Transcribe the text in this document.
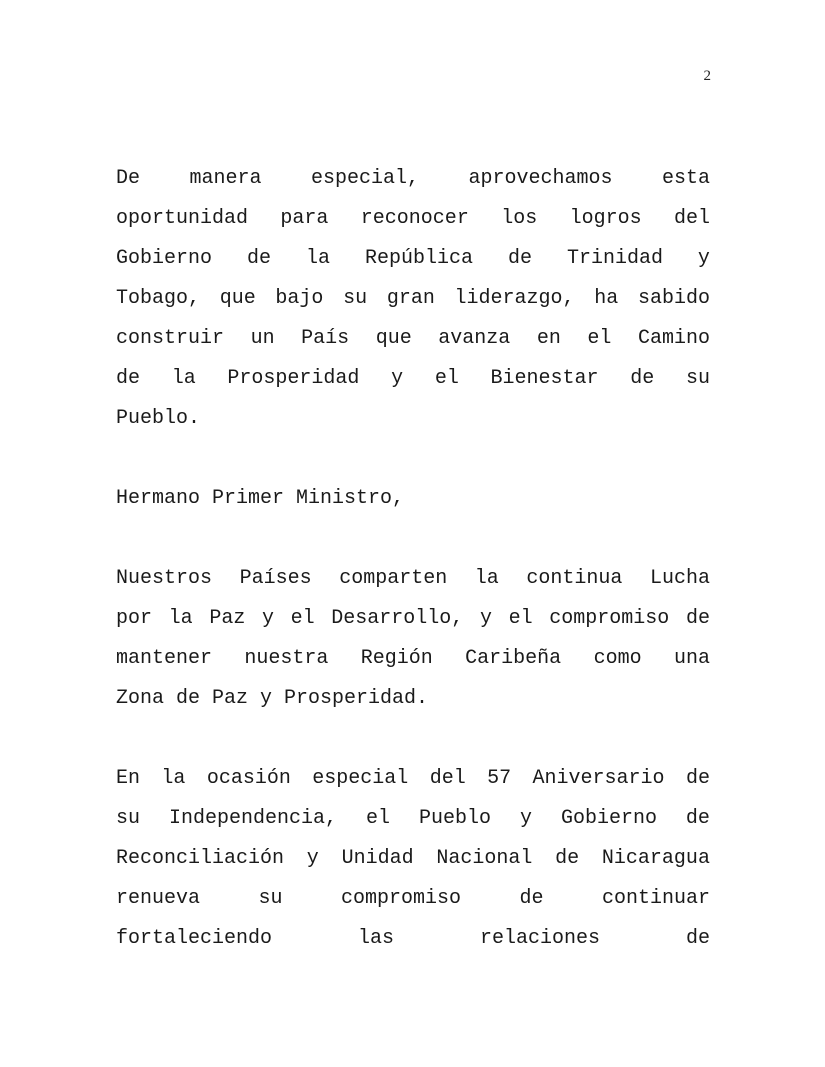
2
De manera especial, aprovechamos esta
oportunidad para reconocer los logros del
Gobierno de la República de Trinidad y
Tobago, que bajo su gran liderazgo, ha sabido
construir un País que avanza en el Camino
de la Prosperidad y el Bienestar de su
Pueblo.
Hermano Primer Ministro,
Nuestros Países comparten la continua Lucha
por la Paz y el Desarrollo, y el compromiso de
mantener nuestra Región Caribeña como una
Zona de Paz y Prosperidad.
En la ocasión especial del 57 Aniversario de
su Independencia, el Pueblo y Gobierno de
Reconciliación y Unidad Nacional de Nicaragua
renueva	su	compromiso	de	continuar
fortaleciendo	las	relaciones	de
